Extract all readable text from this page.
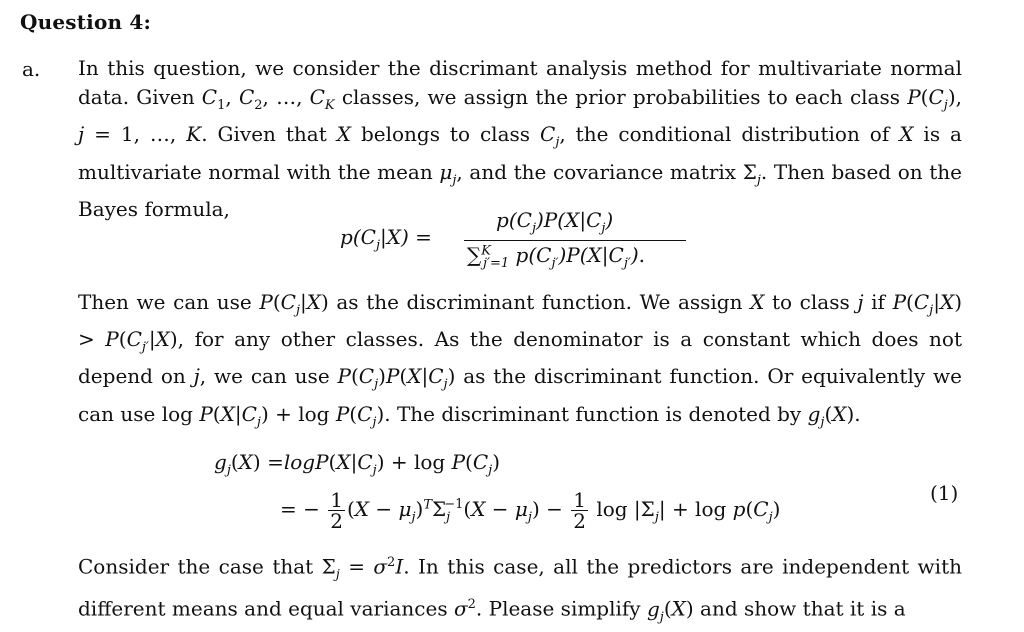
Question 4:
a. In this question, we consider the discrimant analysis method for multivariate normal data. Given $C_1$, $C_2$, …, $C_K$ classes, we assign the prior probabilities to each class $P(C_j)$, j = 1, …, K. Given that X belongs to class $C_j$, the conditional distribution of X is a multivariate normal with the mean $\mu_j$, and the covariance matrix $\Sigma_j$. Then based on the Bayes formula,

$p(C_j|X)$ =
$p(C_j)P(X|C_j)$
∑$^K_{j'=1}$ $p(C_{j'})P(X|C_{j'})$.

Then we can use $P(C_j|X)$ as the discriminant function. We assign X to class j if $P(C_j|X) > P(C_{j'}|X)$, for any other classes. As the denominator is a constant which does not depend on j, we can use $P(C_j)P(X|C_j)$ as the discriminant function. Or equivalently we can use $\log P(X|C_j) + \log P(C_j)$. The discriminant function is denoted by $g_j(X)$.

$g_j(X) =\log P(X|C_j) + \log P(C_j)$
= − $\frac{1}{2} (X - \mu_j)^T\Sigma_j^{-1}(X - \mu_j) - \frac{1}{2}$ $\log |\Sigma_j| + \log p(C_j)$
(1)

Consider the case that $\Sigma_j = \sigma^2I$. In this case, all the predictors are independent with different means and equal variances $\sigma^2$. Please simplify $g_j(X)$ and show that it is a
